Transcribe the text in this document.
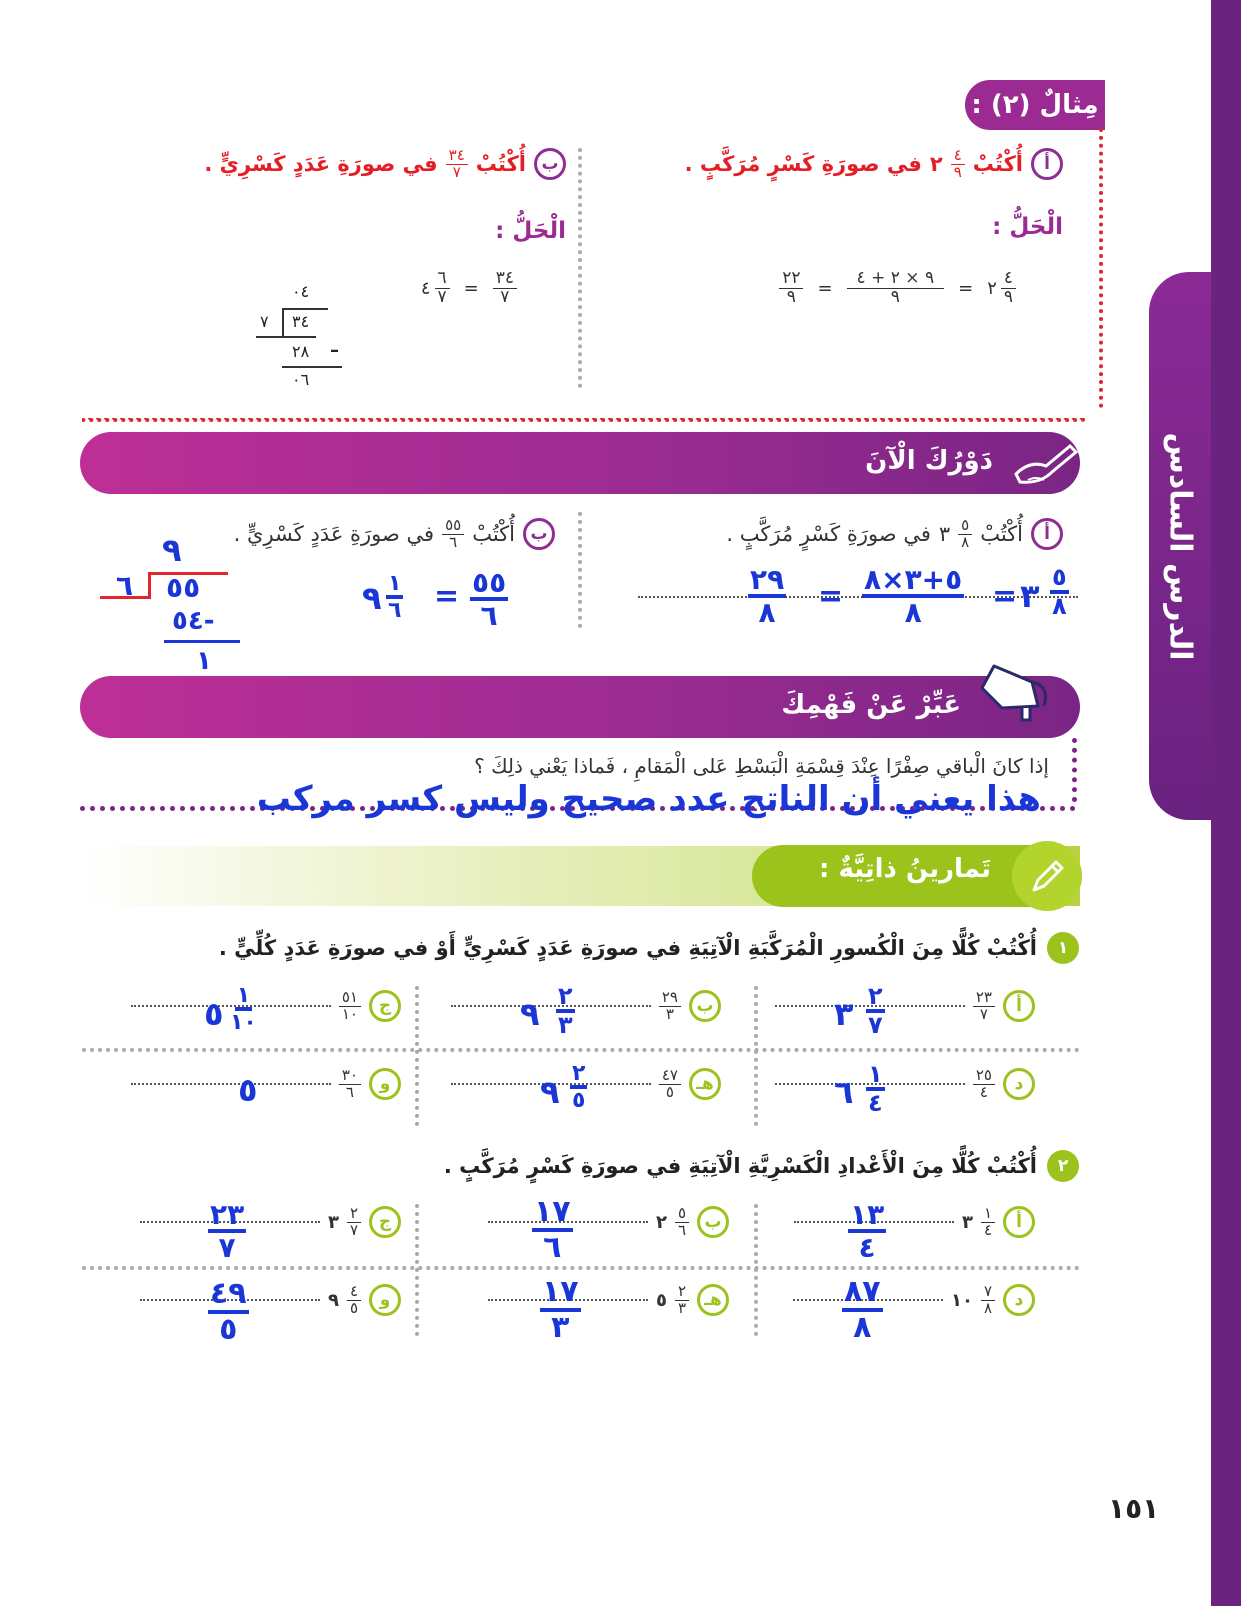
الدرس السادس
مِثالٌ (٢) :
أ
أُكْتُبْ
$\frac{٤}{٩}$
٢
في صورَةِ كَسْرٍ مُرَكَّبٍ .
ب
أُكْتُبْ
$\frac{٣٤}{٧}$
في صورَةِ عَدَدٍ كَسْرِيٍّ .
الْحَلُّ :
الْحَلُّ :
$\frac{٤}{٩}$
٢
=
$\frac{٩ \times ٢ + ٤}{٩}$
=
$\frac{٢٢}{٩}$
$\frac{٣٤}{٧}$
=
$\frac{٦}{٧}$
٤
٠٤
٧ ٣٤
٢٨ –
٠٦
دَوْرُكَ الْآنَ
أ
أُكْتُبْ
$\frac{٥}{٨}$
٣
في صورَةِ كَسْرٍ مُرَكَّبٍ .
ب
أُكْتُبْ
$\frac{٥٥}{٦}$
في صورَةِ عَدَدٍ كَسْرِيٍّ .
٢٩
٨ = ٥+٣×٨
٨ = ٣ ٥
٨
٩
٦ ٥٥
-٥٤
١
٩ ١
٦ = ٥٥
٦
عَبِّرْ عَنْ فَهْمِكَ
إذا كانَ الْباقي صِفْرًا عِنْدَ قِسْمَةِ الْبَسْطِ عَلى الْمَقامِ ، فَماذا يَعْني ذلِكَ ؟
هذا يعني أن الناتج عدد صحيح وليس كسر مركب
تَمارينُ ذاتِيَّةٌ :
١
أُكْتُبْ كُلًّا مِنَ الْكُسورِ الْمُرَكَّبَةِ الْآتِيَةِ في صورَةِ عَدَدٍ كَسْرِيٍّ أَوْ في صورَةِ عَدَدٍ كُلِّيٍّ .
أ
$\frac{٢٣}{٧}$
ب
$\frac{٢٩}{٣}$
ج
$\frac{٥١}{١٠}$
د
$\frac{٢٥}{٤}$
هـ
$\frac{٤٧}{٥}$
و
$\frac{٣٠}{٦}$
٣ ٢
٧
٩ ٢
٣
٥ ١
١٠
٦ ١
٤
٩ ٢
٥
٥
٢
أُكْتُبْ كُلًّا مِنَ الْأَعْدادِ الْكَسْرِيَّةِ الْآتِيَةِ في صورَةِ كَسْرٍ مُرَكَّبٍ .
أ
$\frac{١}{٤}$
٣
ب
$\frac{٥}{٦}$
٢
ج
$\frac{٢}{٧}$
٣
د
$\frac{٧}{٨}$
١٠
هـ
$\frac{٢}{٣}$
٥
و
$\frac{٤}{٥}$
٩
١٣
٤
١٧
٦
٢٣
٧
٨٧
٨
١٧
٣
٤٩
٥
١٥١
